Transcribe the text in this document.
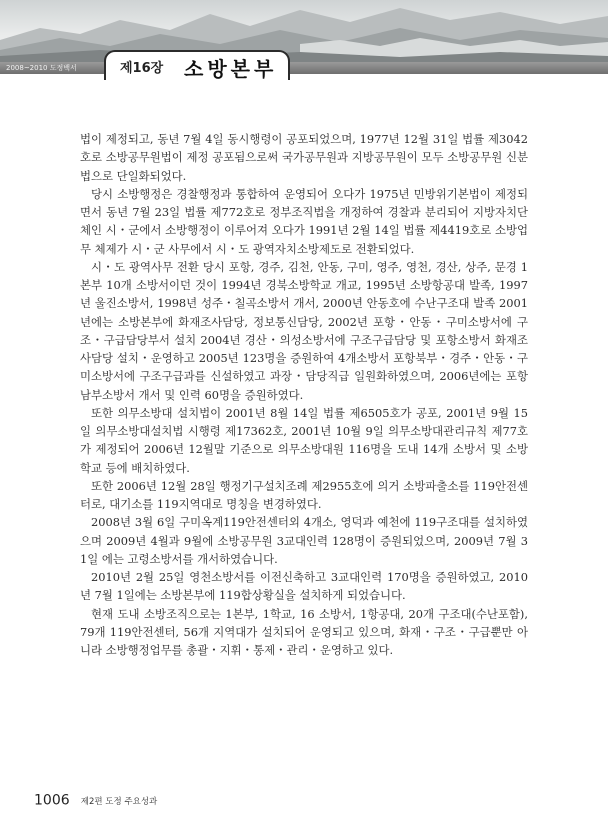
2008~2010 도정백서	제16장 소방본부

법이 제정되고, 동년 7월 4일 동시행령이 공포되었으며, 1977년 12월 31일 법률 제3042호로 소방공무원법이 제정 공포됨으로써 국가공무원과 지방공무원이 모두 소방공무원 신분법으로 단일화되었다.

당시 소방행정은 경찰행정과 통합하여 운영되어 오다가 1975년 민방위기본법이 제정되면서 동년 7월 23일 법률 제772호로 정부조직법을 개정하여 경찰과 분리되어 지방자치단체인 시・군에서 소방행정이 이루어져 오다가 1991년 2월 14일 법률 제4419호로 소방업무 체제가 시・군 사무에서 시・도 광역자치소방제도로 전환되었다.

시・도 광역사무 전환 당시 포항, 경주, 김천, 안동, 구미, 영주, 영천, 경산, 상주, 문경 1본부 10개 소방서이던 것이 1994년 경북소방학교 개교, 1995년 소방항공대 발족, 1997년 울진소방서, 1998년 성주・칠곡소방서 개서, 2000년 안동호에 수난구조대 발족 2001년에는 소방본부에 화재조사담당, 정보통신담당, 2002년 포항・안동・구미소방서에 구조・구급담당부서 설치 2004년 경산・의성소방서에 구조구급담당 및 포항소방서 화재조사담당 설치・운영하고 2005년 123명을 증원하여 4개소방서 포항북부・경주・안동・구미소방서에 구조구급과를 신설하였고 과장・담당직급 일원화하였으며, 2006년에는 포항남부소방서 개서 및 인력 60명을 증원하였다.

또한 의무소방대 설치법이 2001년 8월 14일 법률 제6505호가 공포, 2001년 9월 15일 의무소방대설치법 시행령 제17362호, 2001년 10월 9일 의무소방대관리규칙 제77호가 제정되어 2006년 12월말 기준으로 의무소방대원 116명을 도내 14개 소방서 및 소방학교 등에 배치하였다.

또한 2006년 12월 28일 행정기구설치조례 제2955호에 의거 소방파출소를 119안전센터로, 대기소를 119지역대로 명칭을 변경하였다.

2008년 3월 6일 구미옥계119안전센터외 4개소, 영덕과 예천에 119구조대를 설치하였으며 2009년 4월과 9월에 소방공무원 3교대인력 128명이 증원되었으며, 2009년 7월 31일 에는 고령소방서를 개서하였습니다.

2010년 2월 25일 영천소방서를 이전신축하고 3교대인력 170명을 증원하였고, 2010년 7월 1일에는 소방본부에 119합상황실을 설치하게 되었습니다.

현재 도내 소방조직으로는 1본부, 1학교, 16 소방서, 1항공대, 20개 구조대(수난포함), 79개 119안전센터, 56개 지역대가 설치되어 운영되고 있으며, 화재・구조・구급뿐만 아니라 소방행정업무를 총괄・지휘・통제・관리・운영하고 있다.

1006 제2편 도정 주요성과
